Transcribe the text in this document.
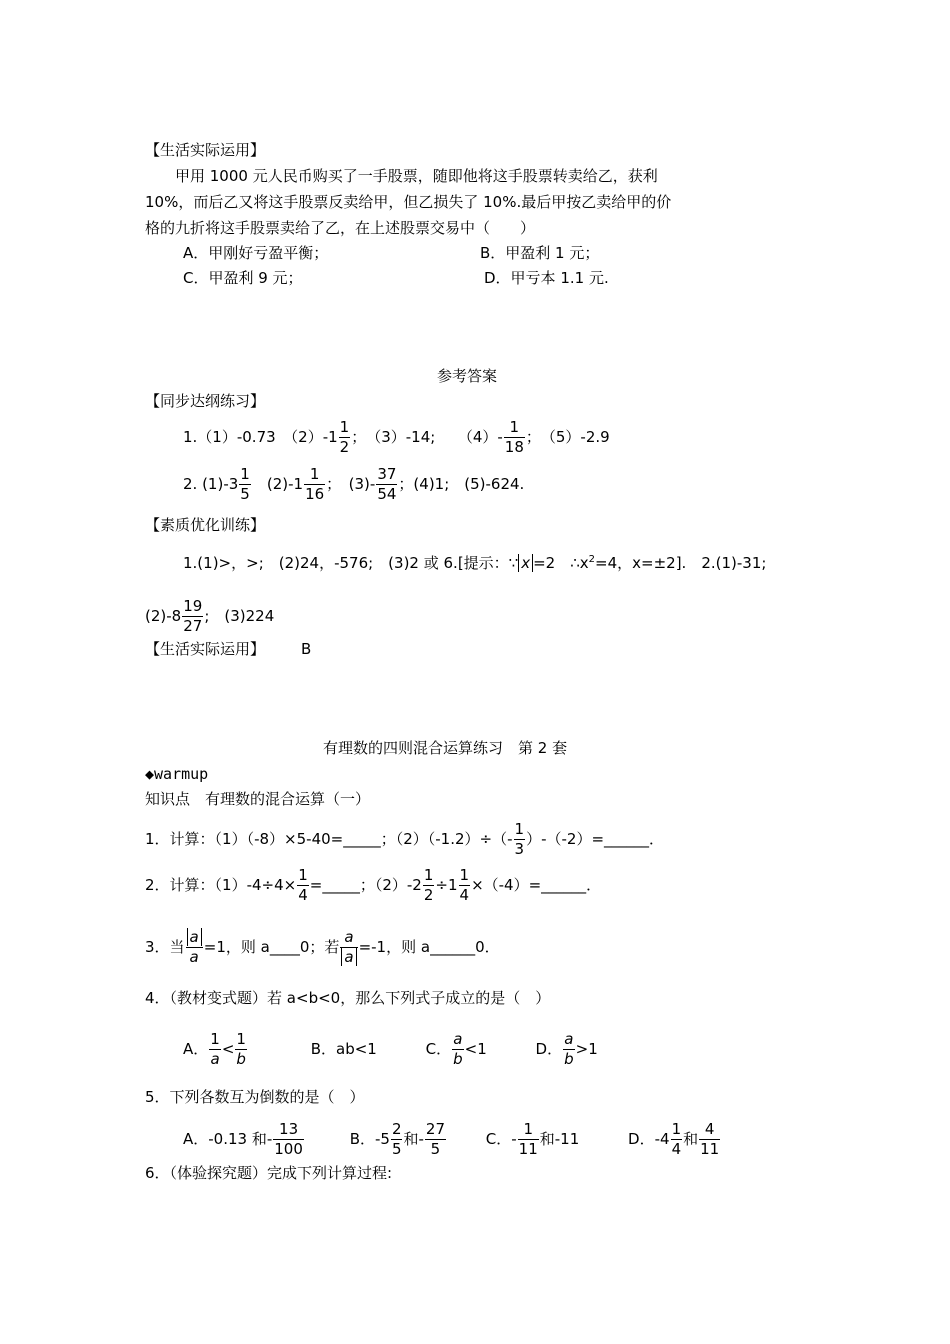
【生活实际运用】
甲用 1000 元人民币购买了一手股票，随即他将这手股票转卖给乙，获利
10%，而后乙又将这手股票反卖给甲，但乙损失了 10%.最后甲按乙卖给甲的价
格的九折将这手股票卖给了乙，在上述股票交易中（　　）
A．甲刚好亏盈平衡；	B．甲盈利 1 元；
C．甲盈利 9 元；	D．甲亏本 1.1 元.
参考答案
【同步达纲练习】
1.（1）-0.73　$(2)-1 \frac{1}{2}$ ；　（3）-14;　　$(4)- \frac{1}{18}$ ；　（5）-2.9
2. $(1)-3 \frac{1}{5}$ 　$(2)-1 \frac{1}{16}$ ；　$(3)- \frac{37}{54}$ ；(4)1;　(5)-624.
【素质优化训练】
1.(1)>，>;　(2)24，-576;　(3)2 或 6.[提示：∵ x =2　$\therefore x^2=4$，x=±2].　2.(1)-31;
$(2)-8 \frac{19}{27}$ ;　(3)224
【生活实际运用】 B
有理数的四则混合运算练习　第 2 套
◆warmup
知识点　有理数的混合运算（一）
1．计算：（1）（-8）×5-40=_____；$(2)(-1.2)\div(- \frac{1}{3}$ ）-（-2）=______．
2．计算：$(1)-4\div 4\times \frac{1}{4}$ =_____；$(2)-2 \frac{1}{2} \div 1 \frac{1}{4}$ ×（-4）=______．
3．当 $\frac{a}{a} =1$，则 a____0；若 $\frac{a}{a} =-1$，则 a______0．
4．（教材变式题）若 a<b<0，那么下列式子成立的是（　）
A． $\frac{1}{a} < \frac{1}{b}$	B．ab<1	C． $\frac{a}{b} <1$	D． $\frac{a}{b} >1$
5．下列各数互为倒数的是（　）
A．-0.13 和- $\frac{13}{100}$	B．$-5 \frac{2}{5}$ 和- $\frac{27}{5}$	C．- $\frac{1}{11}$ 和-11	D．$-4 \frac{1}{4}$ 和 $\frac{4}{11}$
6．（体验探究题）完成下列计算过程:
